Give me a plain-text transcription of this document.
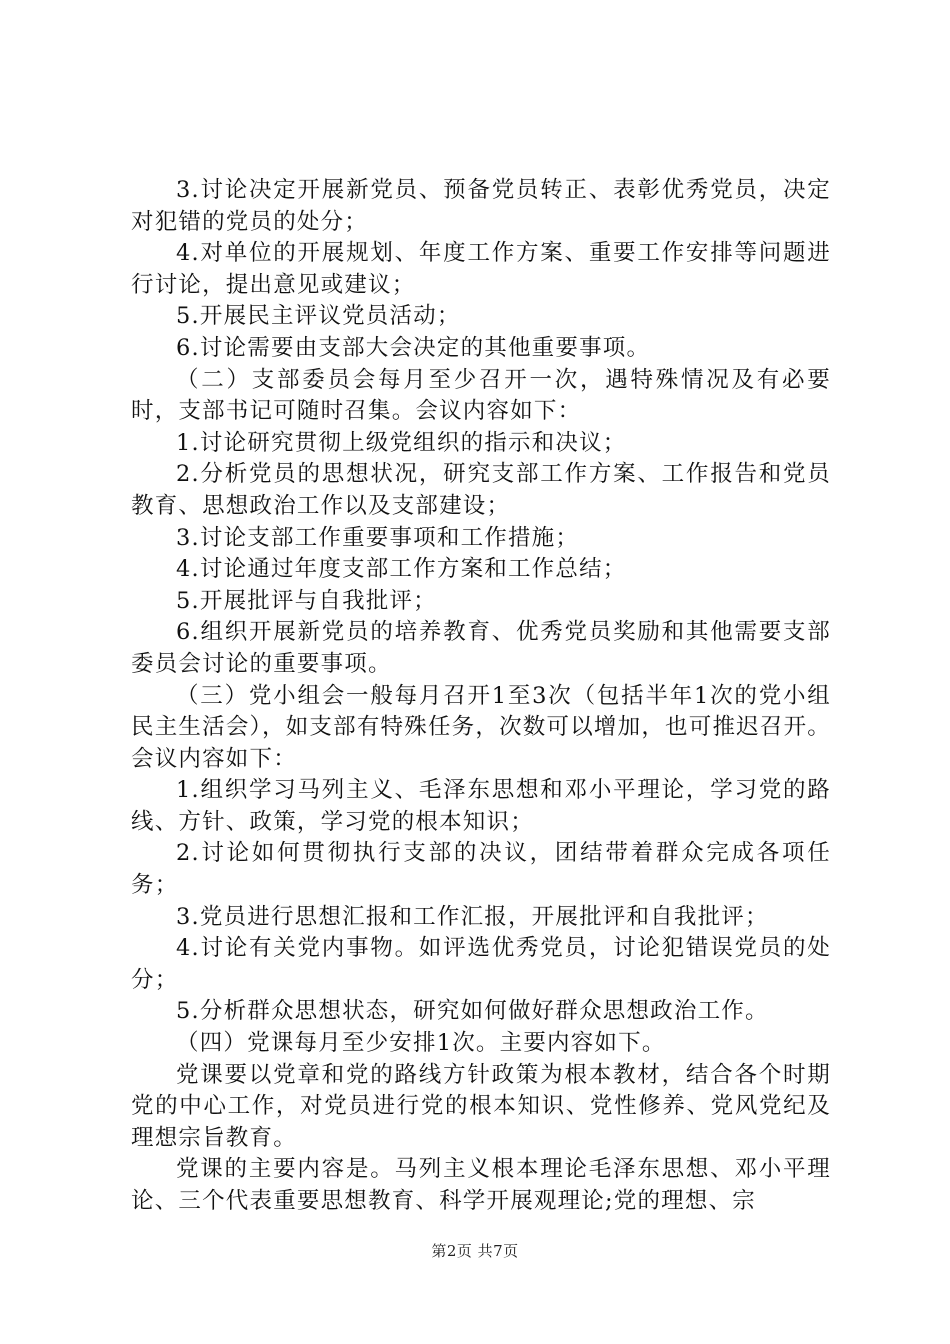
3.讨论决定开展新党员、预备党员转正、表彰优秀党员，决定对犯错的党员的处分；

4.对单位的开展规划、年度工作方案、重要工作安排等问题进行讨论，提出意见或建议；

5.开展民主评议党员活动；

6.讨论需要由支部大会决定的其他重要事项。

（二）支部委员会每月至少召开一次，遇特殊情况及有必要时，支部书记可随时召集。会议内容如下：

1.讨论研究贯彻上级党组织的指示和决议；

2.分析党员的思想状况，研究支部工作方案、工作报告和党员教育、思想政治工作以及支部建设；

3.讨论支部工作重要事项和工作措施；

4.讨论通过年度支部工作方案和工作总结；

5.开展批评与自我批评；

6.组织开展新党员的培养教育、优秀党员奖励和其他需要支部委员会讨论的重要事项。

（三）党小组会一般每月召开1至3次（包括半年1次的党小组民主生活会），如支部有特殊任务，次数可以增加，也可推迟召开。会议内容如下：

1.组织学习马列主义、毛泽东思想和邓小平理论，学习党的路线、方针、政策，学习党的根本知识；

2.讨论如何贯彻执行支部的决议，团结带着群众完成各项任务；

3.党员进行思想汇报和工作汇报，开展批评和自我批评；

4.讨论有关党内事物。如评选优秀党员，讨论犯错误党员的处分；

5.分析群众思想状态，研究如何做好群众思想政治工作。

（四）党课每月至少安排1次。主要内容如下。

党课要以党章和党的路线方针政策为根本教材，结合各个时期党的中心工作，对党员进行党的根本知识、党性修养、党风党纪及理想宗旨教育。

党课的主要内容是。马列主义根本理论毛泽东思想、邓小平理论、三个代表重要思想教育、科学开展观理论;党的理想、宗

第2页 共7页
